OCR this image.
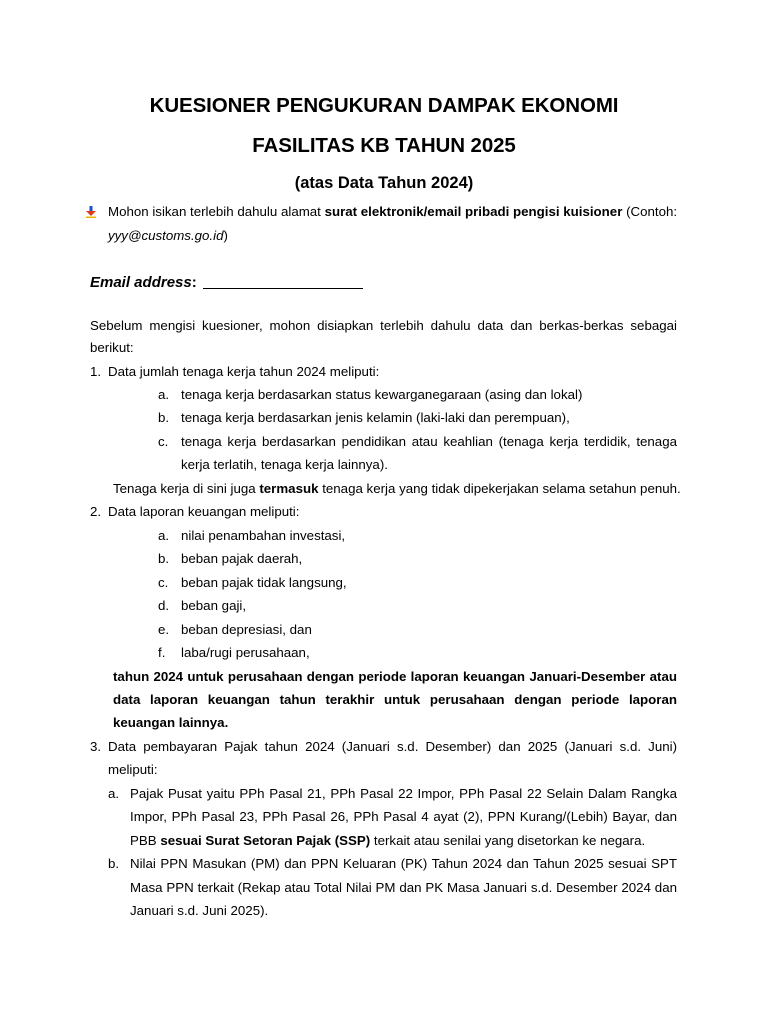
KUESIONER PENGUKURAN DAMPAK EKONOMI
FASILITAS KB TAHUN 2025
(atas Data Tahun 2024)
Mohon isikan terlebih dahulu alamat surat elektronik/email pribadi pengisi kuisioner (Contoh:
yyy@customs.go.id)
Email address:
Sebelum mengisi kuesioner, mohon disiapkan terlebih dahulu data dan berkas-berkas sebagai
berikut:
1. Data jumlah tenaga kerja tahun 2024 meliputi:
a. tenaga kerja berdasarkan status kewarganegaraan (asing dan lokal)
b. tenaga kerja berdasarkan jenis kelamin (laki-laki dan perempuan),
c. tenaga kerja berdasarkan pendidikan atau keahlian (tenaga kerja terdidik, tenaga
kerja terlatih, tenaga kerja lainnya).
Tenaga kerja di sini juga termasuk tenaga kerja yang tidak dipekerjakan selama setahun penuh.
2. Data laporan keuangan meliputi:
a. nilai penambahan investasi,
b. beban pajak daerah,
c. beban pajak tidak langsung,
d. beban gaji,
e. beban depresiasi, dan
f. laba/rugi perusahaan,
tahun 2024 untuk perusahaan dengan periode laporan keuangan Januari-Desember atau
data laporan keuangan tahun terakhir untuk perusahaan dengan periode laporan
keuangan lainnya.
3. Data pembayaran Pajak tahun 2024 (Januari s.d. Desember) dan 2025 (Januari s.d. Juni)
meliputi:
a. Pajak Pusat yaitu PPh Pasal 21, PPh Pasal 22 Impor, PPh Pasal 22 Selain Dalam Rangka
Impor, PPh Pasal 23, PPh Pasal 26, PPh Pasal 4 ayat (2), PPN Kurang/(Lebih) Bayar, dan
PBB sesuai Surat Setoran Pajak (SSP) terkait atau senilai yang disetorkan ke negara.
b. Nilai PPN Masukan (PM) dan PPN Keluaran (PK) Tahun 2024 dan Tahun 2025 sesuai SPT
Masa PPN terkait (Rekap atau Total Nilai PM dan PK Masa Januari s.d. Desember 2024 dan
Januari s.d. Juni 2025).
